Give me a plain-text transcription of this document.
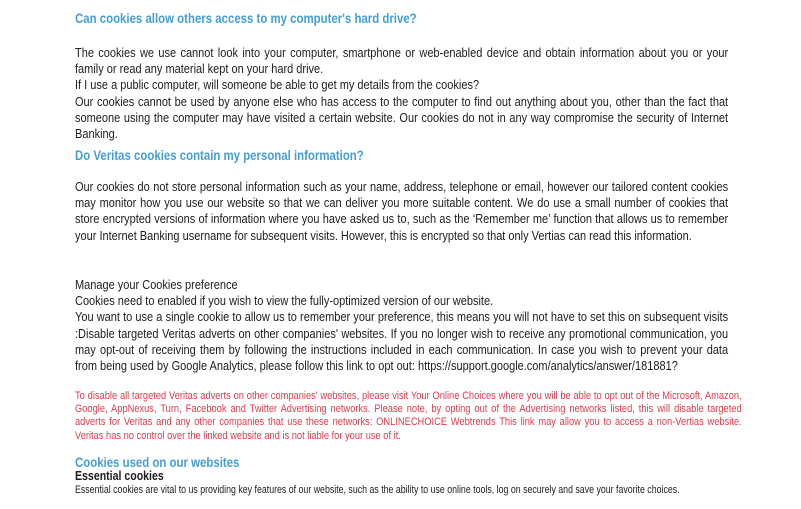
Can cookies allow others access to my computer's hard drive?
The cookies we use cannot look into your computer, smartphone or web-enabled device and obtain information about you or your family or read any material kept on your hard drive.
If I use a public computer, will someone be able to get my details from the cookies?
Our cookies cannot be used by anyone else who has access to the computer to find out anything about you, other than the fact that someone using the computer may have visited a certain website. Our cookies do not in any way compromise the security of Internet Banking.
Do Veritas cookies contain my personal information?
Our cookies do not store personal information such as your name, address, telephone or email, however our tailored content cookies may monitor how you use our website so that we can deliver you more suitable content. We do use a small number of cookies that store encrypted versions of information where you have asked us to, such as the ‘Remember me’ function that allows us to remember your Internet Banking username for subsequent visits. However, this is encrypted so that only Vertias can read this information.
Manage your Cookies preference
Cookies need to enabled if you wish to view the fully-optimized version of our website.
You want to use a single cookie to allow us to remember your preference, this means you will not have to set this on subsequent visits :Disable targeted Veritas adverts on other companies' websites. If you no longer wish to receive any promotional communication, you may opt-out of receiving them by following the instructions included in each communication. In case you wish to prevent your data from being used by Google Analytics, please follow this link to opt out: https://support.google.com/analytics/answer/181881?
To disable all targeted Veritas adverts on other companies' websites, please visit Your Online Choices where you will be able to opt out of the Microsoft, Amazon, Google, AppNexus, Turn, Facebook and Twitter Advertising networks. Please note, by opting out of the Advertising networks listed, this will disable targeted adverts for Veritas and any other companies that use these networks: ONLINECHOICE Webtrends This link may allow you to access a non-Vertias website. Veritas has no control over the linked website and is not liable for your use of it.
Cookies used on our websites
Essential cookies
Essential cookies are vital to us providing key features of our website, such as the ability to use online tools, log on securely and save your favorite choices.
